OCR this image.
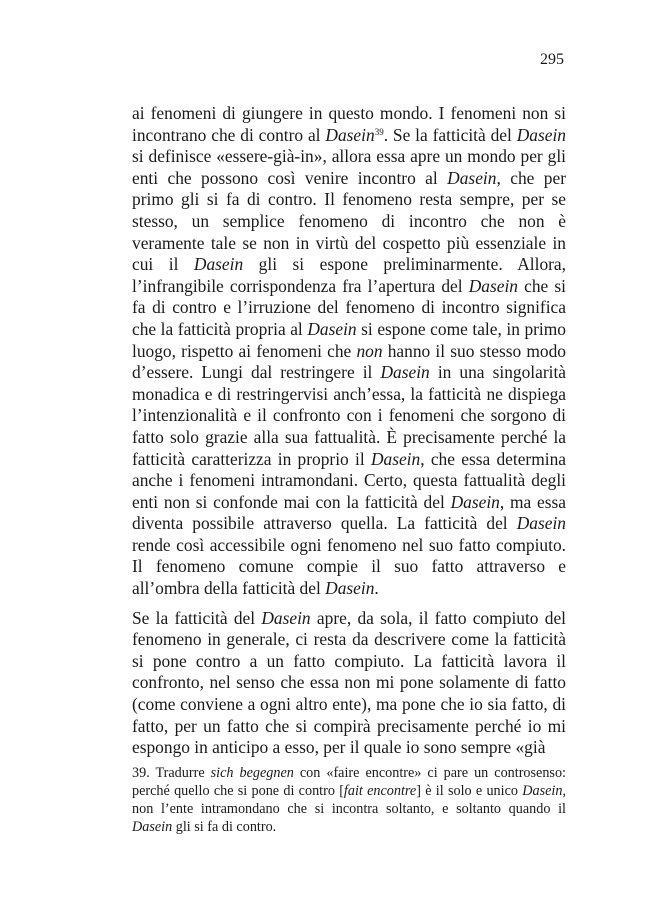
295

ai fenomeni di giungere in questo mondo. I fenomeni non si incontrano che di contro al Dasein$^{39}$. Se la fatticità del Dasein si definisce «essere-già-in», allora essa apre un mondo per gli enti che possono così venire incontro al Dasein, che per primo gli si fa di contro. Il fenomeno resta sempre, per se stesso, un semplice fenomeno di incontro che non è veramente tale se non in virtù del cospetto più essenziale in cui il Dasein gli si espone preliminarmente. Allora, l’infrangibile corrispondenza fra l’apertura del Dasein che si fa di contro e l’irruzione del fenomeno di incontro significa che la fatticità propria al Dasein si espone come tale, in primo luogo, rispetto ai fenomeni che non hanno il suo stesso modo d’essere. Lungi dal restringere il Dasein in una singolarità monadica e di restringervisi anch’essa, la fatticità ne dispiega l’intenzionalità e il confronto con i fenomeni che sorgono di fatto solo grazie alla sua fattualità. È precisamente perché la fatticità caratterizza in proprio il Dasein, che essa determina anche i fenomeni intramondani. Certo, questa fattualità degli enti non si confonde mai con la fatticità del Dasein, ma essa diventa possibile attraverso quella. La fatticità del Dasein rende così accessibile ogni fenomeno nel suo fatto compiuto. Il fenomeno comune compie il suo fatto attraverso e all’ombra della fatticità del Dasein.

Se la fatticità del Dasein apre, da sola, il fatto compiuto del fenomeno in generale, ci resta da descrivere come la fatticità si pone contro a un fatto compiuto. La fatticità lavora il confronto, nel senso che essa non mi pone solamente di fatto (come conviene a ogni altro ente), ma pone che io sia fatto, di fatto, per un fatto che si compirà precisamente perché io mi espongo in anticipo a esso, per il quale io sono sempre «già

39. Tradurre sich begegnen con «faire encontre» ci pare un controsenso: perché quello che si pone di contro [fait encontre] è il solo e unico Dasein, non l’ente intramondano che si incontra soltanto, e soltanto quando il Dasein gli si fa di contro.
